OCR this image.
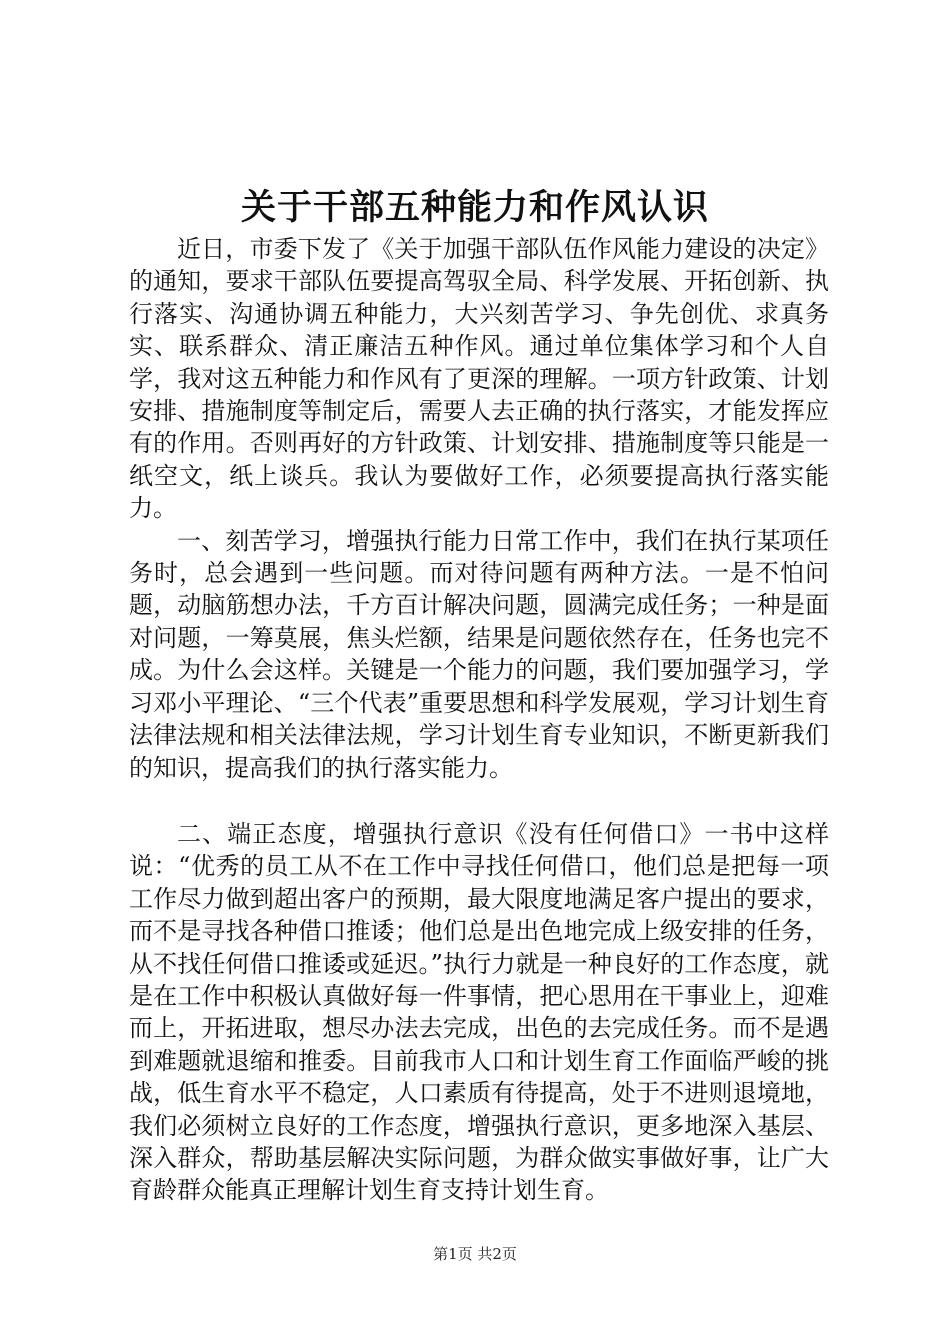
关于干部五种能力和作风认识

近日，市委下发了《关于加强干部队伍作风能力建设的决定》的通知，要求干部队伍要提高驾驭全局、科学发展、开拓创新、执行落实、沟通协调五种能力，大兴刻苦学习、争先创优、求真务实、联系群众、清正廉洁五种作风。通过单位集体学习和个人自学，我对这五种能力和作风有了更深的理解。一项方针政策、计划安排、措施制度等制定后，需要人去正确的执行落实，才能发挥应有的作用。否则再好的方针政策、计划安排、措施制度等只能是一纸空文，纸上谈兵。我认为要做好工作，必须要提高执行落实能力。

一、刻苦学习，增强执行能力日常工作中，我们在执行某项任务时，总会遇到一些问题。而对待问题有两种方法。一是不怕问题，动脑筋想办法，千方百计解决问题，圆满完成任务；一种是面对问题，一筹莫展，焦头烂额，结果是问题依然存在，任务也完不成。为什么会这样。关键是一个能力的问题，我们要加强学习，学习邓小平理论、“三个代表”重要思想和科学发展观，学习计划生育法律法规和相关法律法规，学习计划生育专业知识，不断更新我们的知识，提高我们的执行落实能力。

二、端正态度，增强执行意识《没有任何借口》一书中这样说：“优秀的员工从不在工作中寻找任何借口，他们总是把每一项工作尽力做到超出客户的预期，最大限度地满足客户提出的要求，而不是寻找各种借口推诿；他们总是出色地完成上级安排的任务，从不找任何借口推诿或延迟。”执行力就是一种良好的工作态度，就是在工作中积极认真做好每一件事情，把心思用在干事业上，迎难而上，开拓进取，想尽办法去完成，出色的去完成任务。而不是遇到难题就退缩和推委。目前我市人口和计划生育工作面临严峻的挑战，低生育水平不稳定，人口素质有待提高，处于不进则退境地，我们必须树立良好的工作态度，增强执行意识，更多地深入基层、深入群众，帮助基层解决实际问题，为群众做实事做好事，让广大育龄群众能真正理解计划生育支持计划生育。

第1页 共2页
